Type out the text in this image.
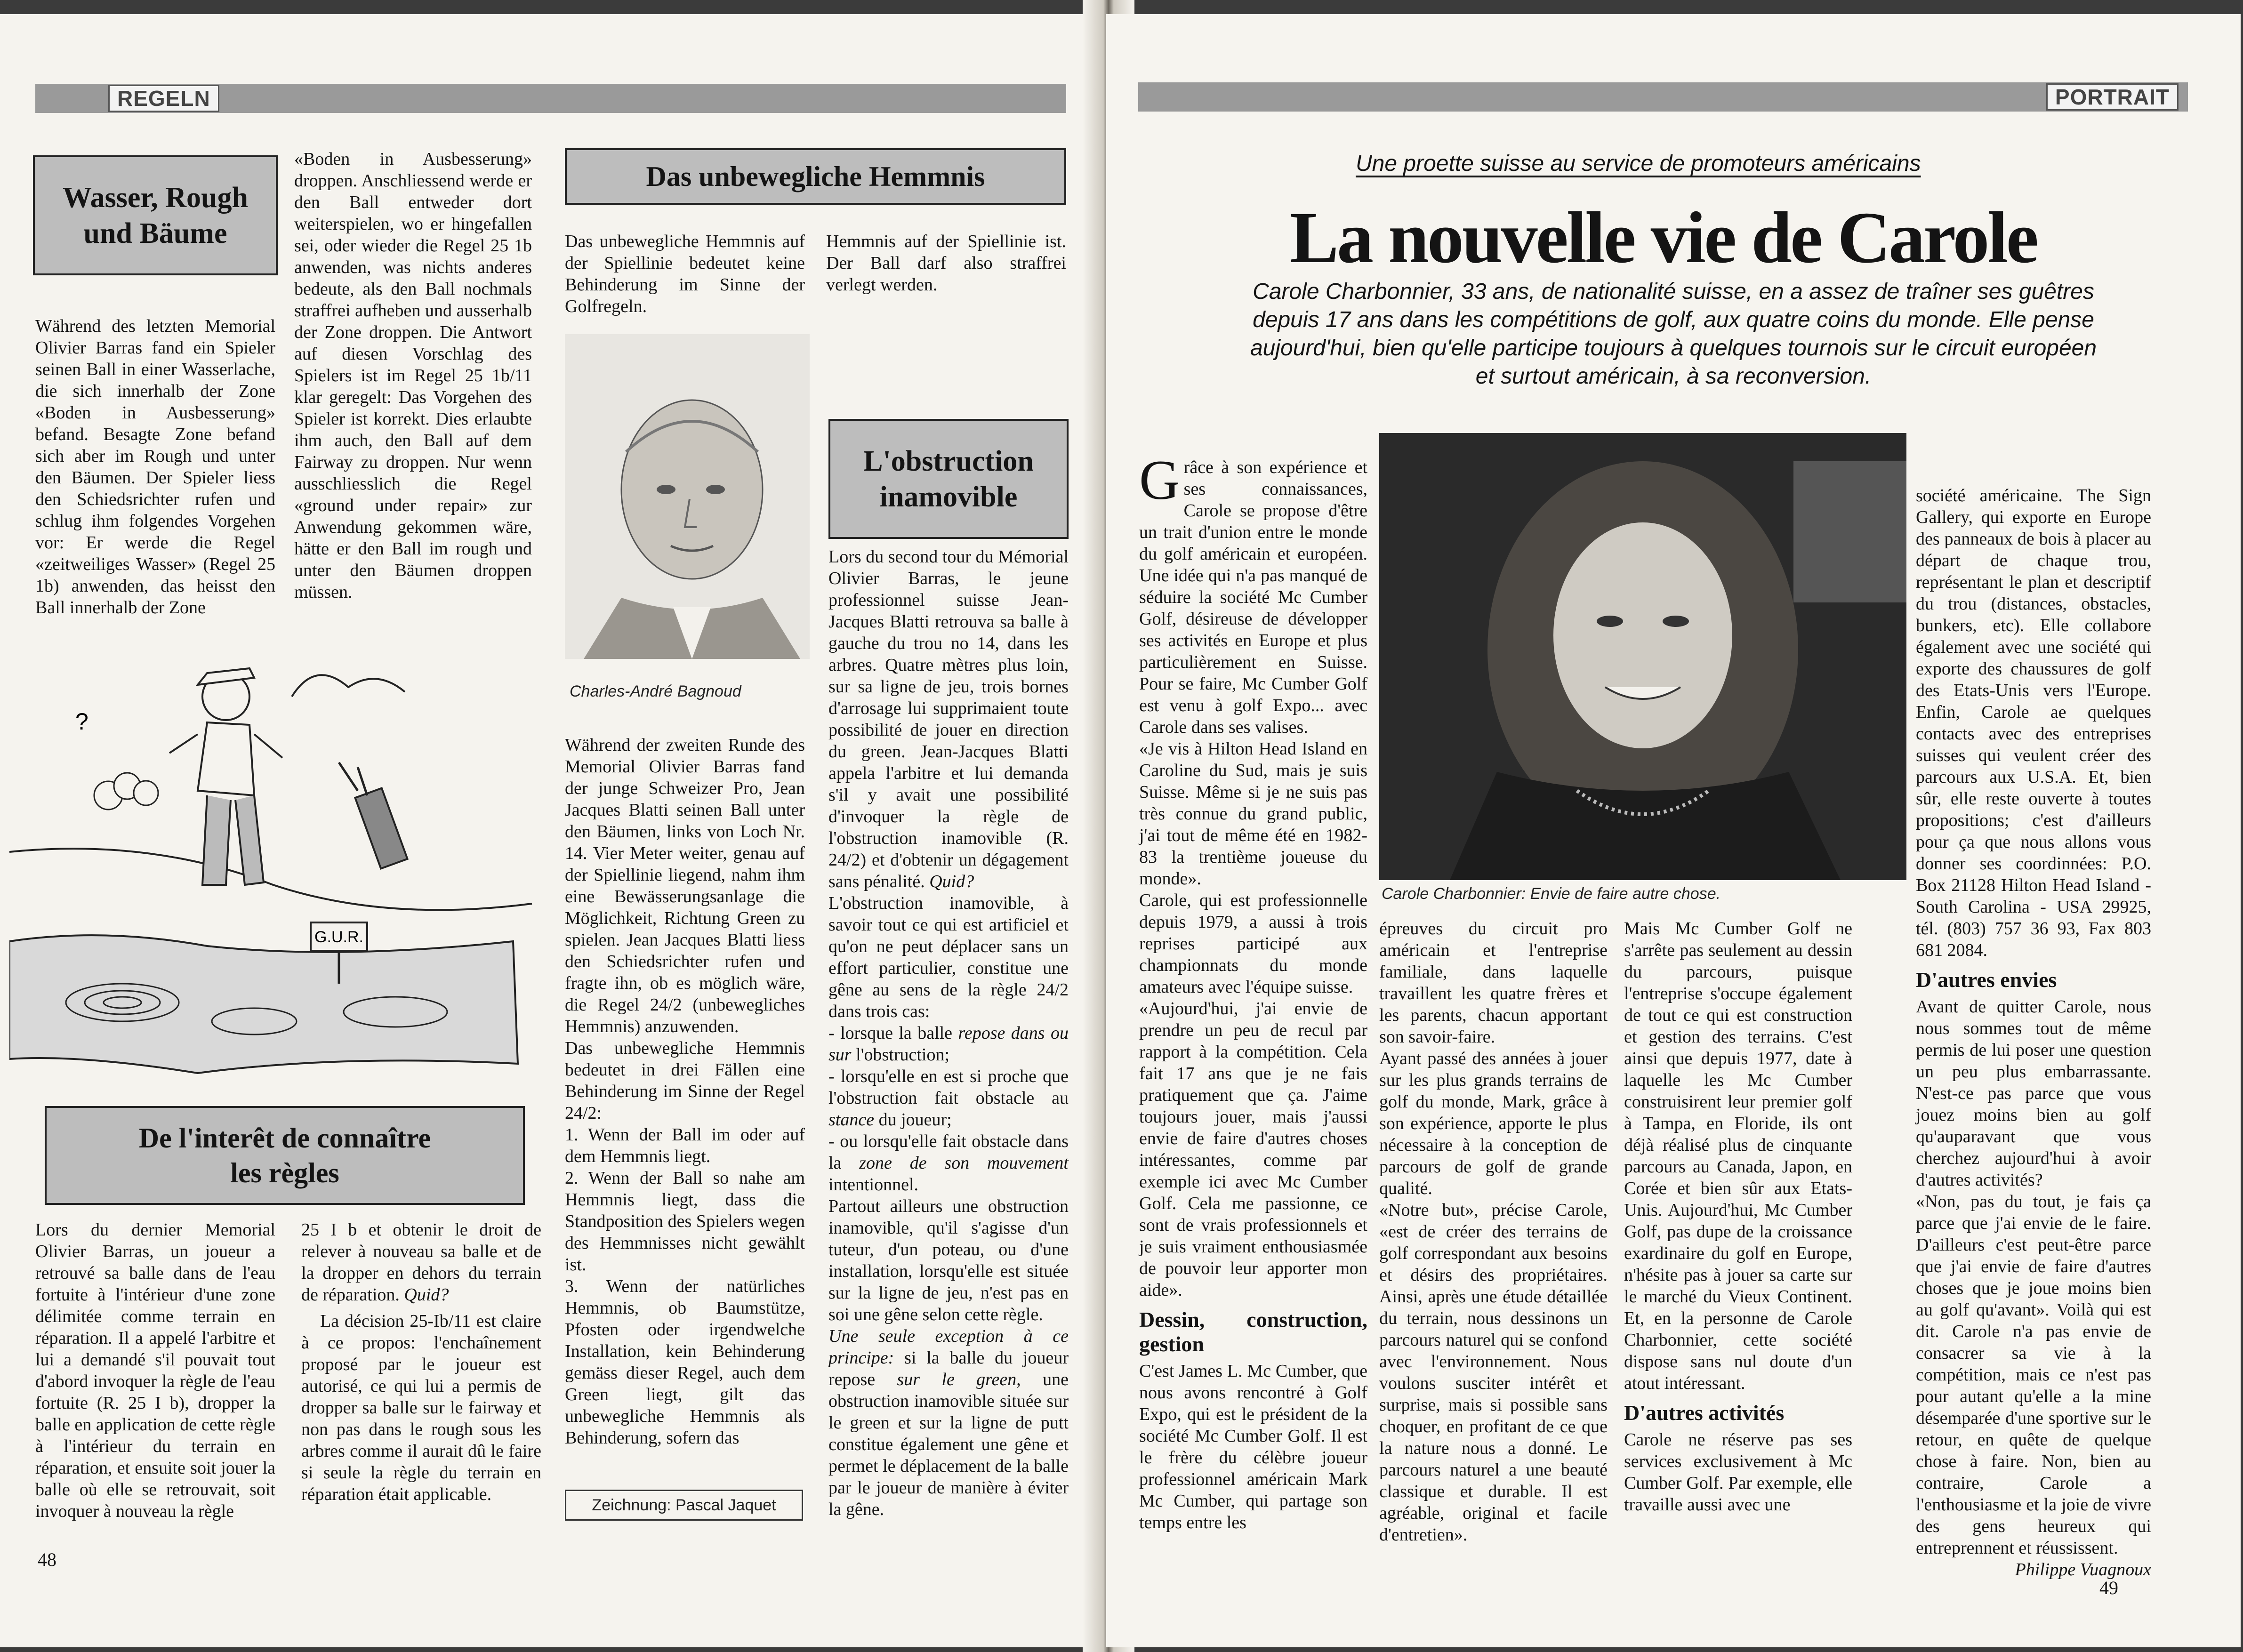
REGELN
Wasser, Rough
und Bäume

Während des letzten Memorial Olivier Barras fand ein Spieler seinen Ball in einer Wasserlache, die sich innerhalb der Zone «Boden in Ausbesserung» befand. Besagte Zone befand sich aber im Rough und unter den Bäumen. Der Spieler liess den Schiedsrichter rufen und schlug ihm folgendes Vorgehen vor: Er werde die Regel «zeitweiliges Wasser» (Regel 25 1b) anwenden, das heisst den Ball innerhalb der Zone

«Boden in Ausbesserung» droppen. Anschliessend werde er den Ball entweder dort weiterspielen, wo er hingefallen sei, oder wieder die Regel 25 1b anwenden, was nichts anderes bedeute, als den Ball nochmals straffrei aufheben und ausserhalb der Zone droppen. Die Antwort auf diesen Vorschlag des Spielers ist im Regel 25 1b/11 klar geregelt: Das Vorgehen des Spieler ist korrekt. Dies erlaubte ihm auch, den Ball auf dem Fairway zu droppen. Nur wenn ausschliesslich die Regel «ground under repair» zur Anwendung gekommen wäre, hätte er den Ball im rough und unter den Bäumen droppen müssen.

G.U.R.
?
De l'interêt de connaître
les règles

Lors du dernier Memorial Olivier Barras, un joueur a retrouvé sa balle dans de l'eau fortuite à l'intérieur d'une zone délimitée comme terrain en réparation. Il a appelé l'arbitre et lui a demandé s'il pouvait tout d'abord invoquer la règle de l'eau fortuite (R. 25 I b), dropper la balle en application de cette règle à l'intérieur du terrain en réparation, et ensuite soit jouer la balle où elle se retrouvait, soit invoquer à nouveau la règle

25 I b et obtenir le droit de relever à nouveau sa balle et de la dropper en dehors du terrain de réparation. Quid?

La décision 25-Ib/11 est claire à ce propos: l'enchaînement proposé par le joueur est autorisé, ce qui lui a permis de dropper sa balle sur le fairway et non pas dans le rough sous les arbres comme il aurait dû le faire si seule la règle du terrain en réparation était applicable.

48
Das unbewegliche Hemmnis

Das unbewegliche Hemmnis auf der Spiellinie bedeutet keine Behinderung im Sinne der Golfregeln.

Hemmnis auf der Spiellinie ist. Der Ball darf also straffrei verlegt werden.

Charles-André Bagnoud

Während der zweiten Runde des Memorial Olivier Barras fand der junge Schweizer Pro, Jean Jacques Blatti seinen Ball unter den Bäumen, links von Loch Nr. 14. Vier Meter weiter, genau auf der Spiellinie liegend, nahm ihm eine Bewässerungsanlage die Möglichkeit, Richtung Green zu spielen. Jean Jacques Blatti liess den Schiedsrichter rufen und fragte ihn, ob es möglich wäre, die Regel 24/2 (unbewegliches Hemmnis) anzuwenden.

Das unbewegliche Hemmnis bedeutet in drei Fällen eine Behinderung im Sinne der Regel 24/2:

1. Wenn der Ball im oder auf dem Hemmnis liegt.

2. Wenn der Ball so nahe am Hemmnis liegt, dass die Standposition des Spielers wegen des Hemmnisses nicht gewählt ist.

3. Wenn der natürliches Hemmnis, ob Baumstütze, Pfosten oder irgendwelche Installation, kein Behinderung gemäss dieser Regel, auch dem Green liegt, gilt das unbewegliche Hemmnis als Behinderung, sofern das

Zeichnung: Pascal Jaquet
L'obstruction
inamovible

Lors du second tour du Mémorial Olivier Barras, le jeune professionnel suisse Jean-Jacques Blatti retrouva sa balle à gauche du trou no 14, dans les arbres. Quatre mètres plus loin, sur sa ligne de jeu, trois bornes d'arrosage lui supprimaient toute possibilité de jouer en direction du green. Jean-Jacques Blatti appela l'arbitre et lui demanda s'il y avait une possibilité d'invoquer la règle de l'obstruction inamovible (R. 24/2) et d'obtenir un dégagement sans pénalité. Quid?

L'obstruction inamovible, à savoir tout ce qui est artificiel et qu'on ne peut déplacer sans un effort particulier, constitue une gêne au sens de la règle 24/2 dans trois cas:

- lorsque la balle repose dans ou sur l'obstruction;

- lorsqu'elle en est si proche que l'obstruction fait obstacle au stance du joueur;

- ou lorsqu'elle fait obstacle dans la zone de son mouvement intentionnel.

Partout ailleurs une obstruction inamovible, qu'il s'agisse d'un tuteur, d'un poteau, ou d'une installation, lorsqu'elle est située sur la ligne de jeu, n'est pas en soi une gêne selon cette règle.

Une seule exception à ce principe: si la balle du joueur repose sur le green, une obstruction inamovible située sur le green et sur la ligne de putt constitue également une gêne et permet le déplacement de la balle par le joueur de manière à éviter la gêne.

PORTRAIT
Une proette suisse au service de promoteurs américains
La nouvelle vie de Carole
Carole Charbonnier, 33 ans, de nationalité suisse, en a assez de traîner ses guêtres depuis 17 ans dans les compétitions de golf, aux quatre coins du monde. Elle pense aujourd'hui, bien qu'elle participe toujours à quelques tournois sur le circuit européen et surtout américain, à sa reconversion.
Carole Charbonnier: Envie de faire autre chose.

Grâce à son expérience et ses connaissances, Carole se propose d'être un trait d'union entre le monde du golf américain et européen. Une idée qui n'a pas manqué de séduire la société Mc Cumber Golf, désireuse de développer ses activités en Europe et plus particulièrement en Suisse. Pour se faire, Mc Cumber Golf est venu à golf Expo... avec Carole dans ses valises.

«Je vis à Hilton Head Island en Caroline du Sud, mais je suis Suisse. Même si je ne suis pas très connue du grand public, j'ai tout de même été en 1982-83 la trentième joueuse du monde».

Carole, qui est professionnelle depuis 1979, a aussi à trois reprises participé aux championnats du monde amateurs avec l'équipe suisse.

«Aujourd'hui, j'ai envie de prendre un peu de recul par rapport à la compétition. Cela fait 17 ans que je ne fais pratiquement que ça. J'aime toujours jouer, mais j'aussi envie de faire d'autres choses intéressantes, comme par exemple ici avec Mc Cumber Golf. Cela me passionne, ce sont de vrais professionnels et je suis vraiment enthousiasmée de pouvoir leur apporter mon aide».

Dessin, construction, gestion

C'est James L. Mc Cumber, que nous avons rencontré à Golf Expo, qui est le président de la société Mc Cumber Golf. Il est le frère du célèbre joueur professionnel américain Mark Mc Cumber, qui partage son temps entre les

épreuves du circuit pro américain et l'entreprise familiale, dans laquelle travaillent les quatre frères et les parents, chacun apportant son savoir-faire.

Ayant passé des années à jouer sur les plus grands terrains de golf du monde, Mark, grâce à son expérience, apporte le plus nécessaire à la conception de parcours de golf de grande qualité.

«Notre but», précise Carole, «est de créer des terrains de golf correspondant aux besoins et désirs des propriétaires. Ainsi, après une étude détaillée du terrain, nous dessinons un parcours naturel qui se confond avec l'environnement. Nous voulons susciter intérêt et surprise, mais si possible sans choquer, en profitant de ce que la nature nous a donné. Le parcours naturel a une beauté classique et durable. Il est agréable, original et facile d'entretien».

Mais Mc Cumber Golf ne s'arrête pas seulement au dessin du parcours, puisque l'entreprise s'occupe également de tout ce qui est construction et gestion des terrains. C'est ainsi que depuis 1977, date à laquelle les Mc Cumber construisirent leur premier golf à Tampa, en Floride, ils ont déjà réalisé plus de cinquante parcours au Canada, Japon, en Corée et bien sûr aux Etats-Unis. Aujourd'hui, Mc Cumber Golf, pas dupe de la croissance exardinaire du golf en Europe, n'hésite pas à jouer sa carte sur le marché du Vieux Continent. Et, en la personne de Carole Charbonnier, cette société dispose sans nul doute d'un atout intéressant.

D'autres activités

Carole ne réserve pas ses services exclusivement à Mc Cumber Golf. Par exemple, elle travaille aussi avec une

société américaine. The Sign Gallery, qui exporte en Europe des panneaux de bois à placer au départ de chaque trou, représentant le plan et descriptif du trou (distances, obstacles, bunkers, etc). Elle collabore également avec une société qui exporte des chaussures de golf des Etats-Unis vers l'Europe. Enfin, Carole ae quelques contacts avec des entreprises suisses qui veulent créer des parcours aux U.S.A. Et, bien sûr, elle reste ouverte à toutes propositions; c'est d'ailleurs pour ça que nous allons vous donner ses coordinnées: P.O. Box 21128 Hilton Head Island - South Carolina - USA 29925, tél. (803) 757 36 93, Fax 803 681 2084.

D'autres envies

Avant de quitter Carole, nous nous sommes tout de même permis de lui poser une question un peu plus embarrassante. N'est-ce pas parce que vous jouez moins bien au golf qu'auparavant que vous cherchez aujourd'hui à avoir d'autres activités?

«Non, pas du tout, je fais ça parce que j'ai envie de le faire. D'ailleurs c'est peut-être parce que j'ai envie de faire d'autres choses que je joue moins bien au golf qu'avant». Voilà qui est dit. Carole n'a pas envie de consacrer sa vie à la compétition, mais ce n'est pas pour autant qu'elle a la mine désemparée d'une sportive sur le retour, en quête de quelque chose à faire. Non, bien au contraire, Carole a l'enthousiasme et la joie de vivre des gens heureux qui entreprennent et réussissent.

Philippe Vuagnoux

49
